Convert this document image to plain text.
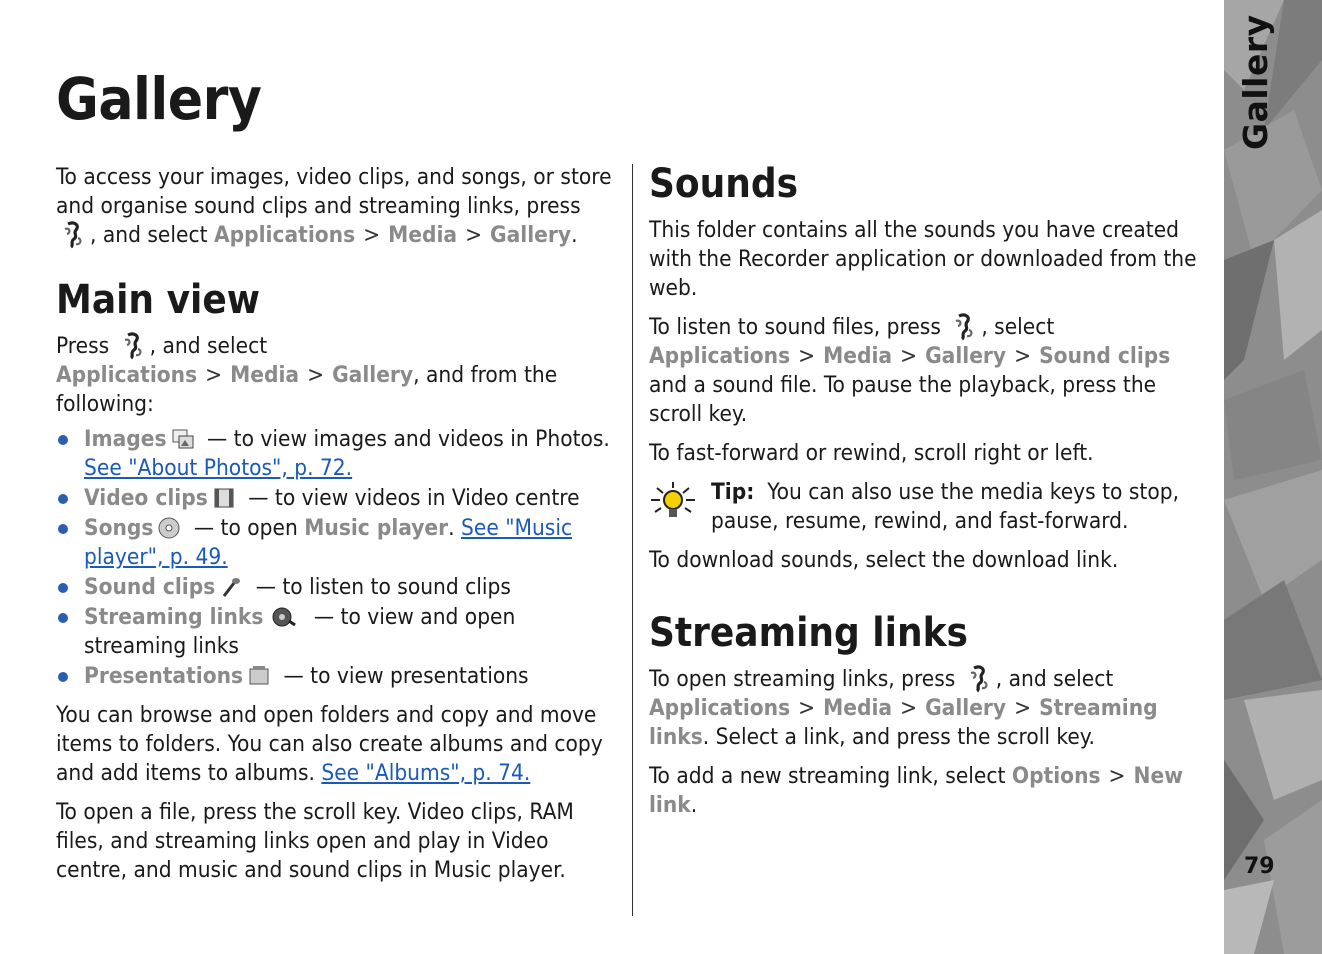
Gallery
79
Gallery

To access your images, video clips, and songs, or store and organise sound clips and streaming links, press , and select Applications > Media > Gallery.

Main view

Press , and select Applications > Media > Gallery, and from the following:

Images — to view images and videos in Photos. See "About Photos", p. 72.
Video clips — to view videos in Video centre
Songs — to open Music player. See "Music player", p. 49.
Sound clips — to listen to sound clips
Streaming links — to view and open streaming links
Presentations — to view presentations

You can browse and open folders and copy and move items to folders. You can also create albums and copy and add items to albums. See "Albums", p. 74.

To open a file, press the scroll key. Video clips, RAM files, and streaming links open and play in Video centre, and music and sound clips in Music player.

Sounds

This folder contains all the sounds you have created with the Recorder application or downloaded from the web.

To listen to sound files, press , select Applications > Media > Gallery > Sound clips and a sound file. To pause the playback, press the scroll key.

To fast-forward or rewind, scroll right or left.

Tip: You can also use the media keys to stop, pause, resume, rewind, and fast-forward.

To download sounds, select the download link.

Streaming links

To open streaming links, press , and select Applications > Media > Gallery > Streaming links. Select a link, and press the scroll key.

To add a new streaming link, select Options > New link.
